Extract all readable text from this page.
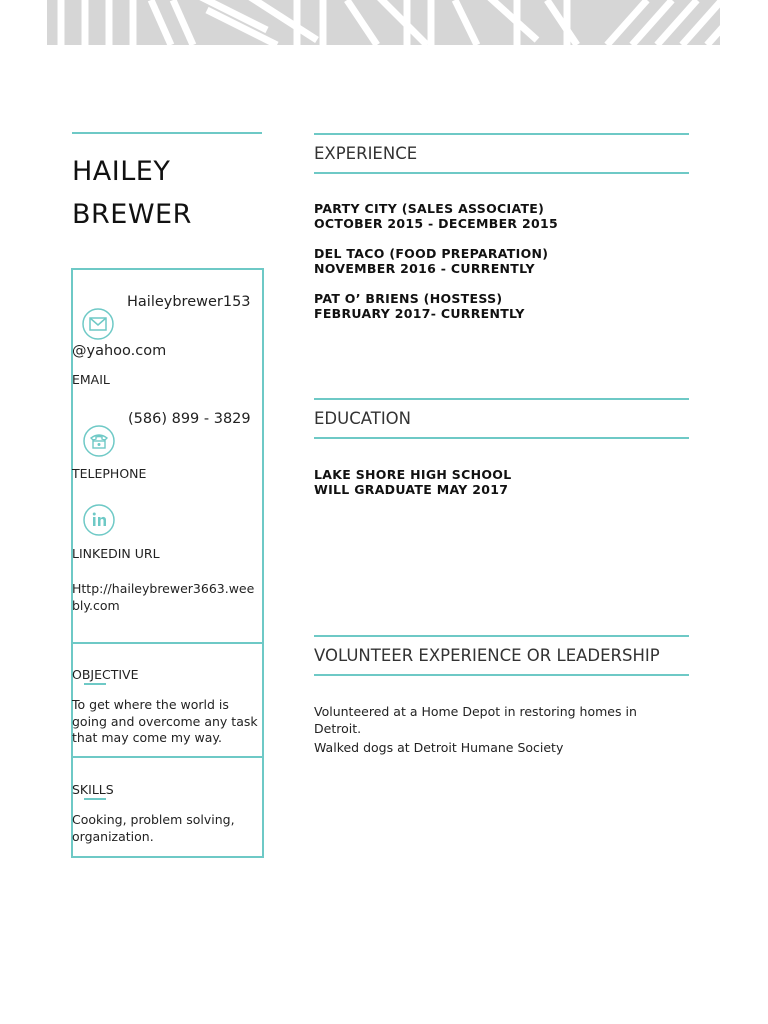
HAILEY
BREWER
Haileybrewer153
@yahoo.com
EMAIL
(586) 899 - 3829
TELEPHONE
LINKEDIN URL
Http://haileybrewer3663.wee
bly.com
OBJECTIVE
To get where the world is
going and overcome any task
that may come my way.
SKILLS
Cooking, problem solving,
organization.
EXPERIENCE
PARTY CITY (SALES ASSOCIATE)
OCTOBER 2015 - DECEMBER 2015
DEL TACO (FOOD PREPARATION)
NOVEMBER 2016 - CURRENTLY
PAT O’ BRIENS (HOSTESS)
FEBRUARY 2017- CURRENTLY
EDUCATION
LAKE SHORE HIGH SCHOOL
WILL GRADUATE MAY 2017
VOLUNTEER EXPERIENCE OR LEADERSHIP
Volunteered at a Home Depot in restoring homes in
Detroit.
Walked dogs at Detroit Humane Society
